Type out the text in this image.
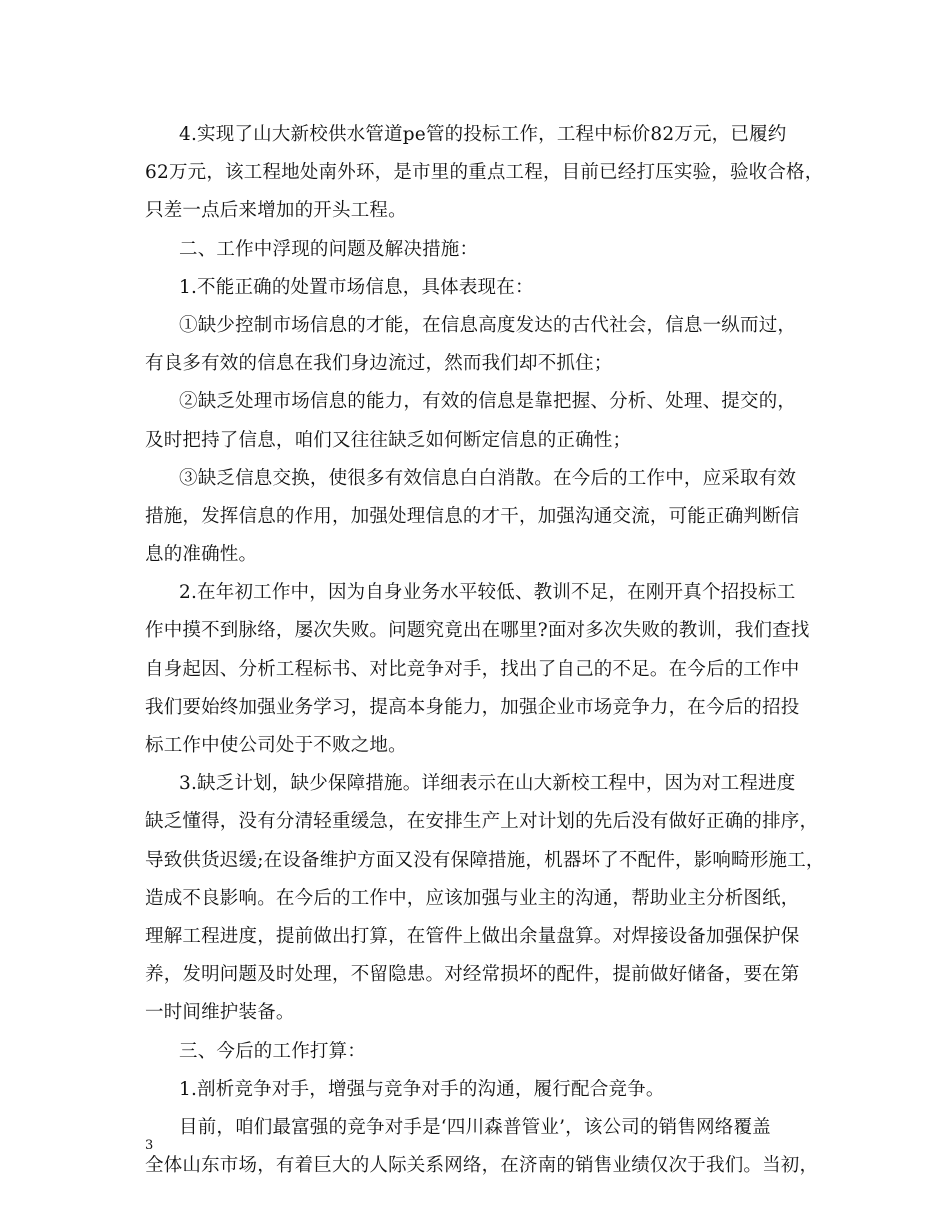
4.实现了山大新校供水管道pe管的投标工作，工程中标价82万元，已履约
62万元，该工程地处南外环，是市里的重点工程，目前已经打压实验，验收合格，
只差一点后来增加的开头工程。
二、工作中浮现的问题及解决措施：
1.不能正确的处置市场信息，具体表现在：
①缺少控制市场信息的才能，在信息高度发达的古代社会，信息一纵而过，
有良多有效的信息在我们身边流过，然而我们却不抓住；
②缺乏处理市场信息的能力，有效的信息是靠把握、分析、处理、提交的，
及时把持了信息，咱们又往往缺乏如何断定信息的正确性；
③缺乏信息交换，使很多有效信息白白消散。在今后的工作中，应采取有效
措施，发挥信息的作用，加强处理信息的才干，加强沟通交流，可能正确判断信
息的准确性。
2.在年初工作中，因为自身业务水平较低、教训不足，在刚开真个招投标工
作中摸不到脉络，屡次失败。问题究竟出在哪里?面对多次失败的教训，我们查找
自身起因、分析工程标书、对比竞争对手，找出了自己的不足。在今后的工作中
我们要始终加强业务学习，提高本身能力，加强企业市场竞争力，在今后的招投
标工作中使公司处于不败之地。
3.缺乏计划，缺少保障措施。详细表示在山大新校工程中，因为对工程进度
缺乏懂得，没有分清轻重缓急，在安排生产上对计划的先后没有做好正确的排序，
导致供货迟缓;在设备维护方面又没有保障措施，机器坏了不配件，影响畸形施工，
造成不良影响。在今后的工作中，应该加强与业主的沟通，帮助业主分析图纸，
理解工程进度，提前做出打算，在管件上做出余量盘算。对焊接设备加强保护保
养，发明问题及时处理，不留隐患。对经常损坏的配件，提前做好储备，要在第
一时间维护装备。
三、今后的工作打算：
1.剖析竞争对手，增强与竞争对手的沟通，履行配合竞争。
目前，咱们最富强的竞争对手是‘四川森普管业’，该公司的销售网络覆盖
全体山东市场，有着巨大的人际关系网络，在济南的销售业绩仅次于我们。当初，
3
